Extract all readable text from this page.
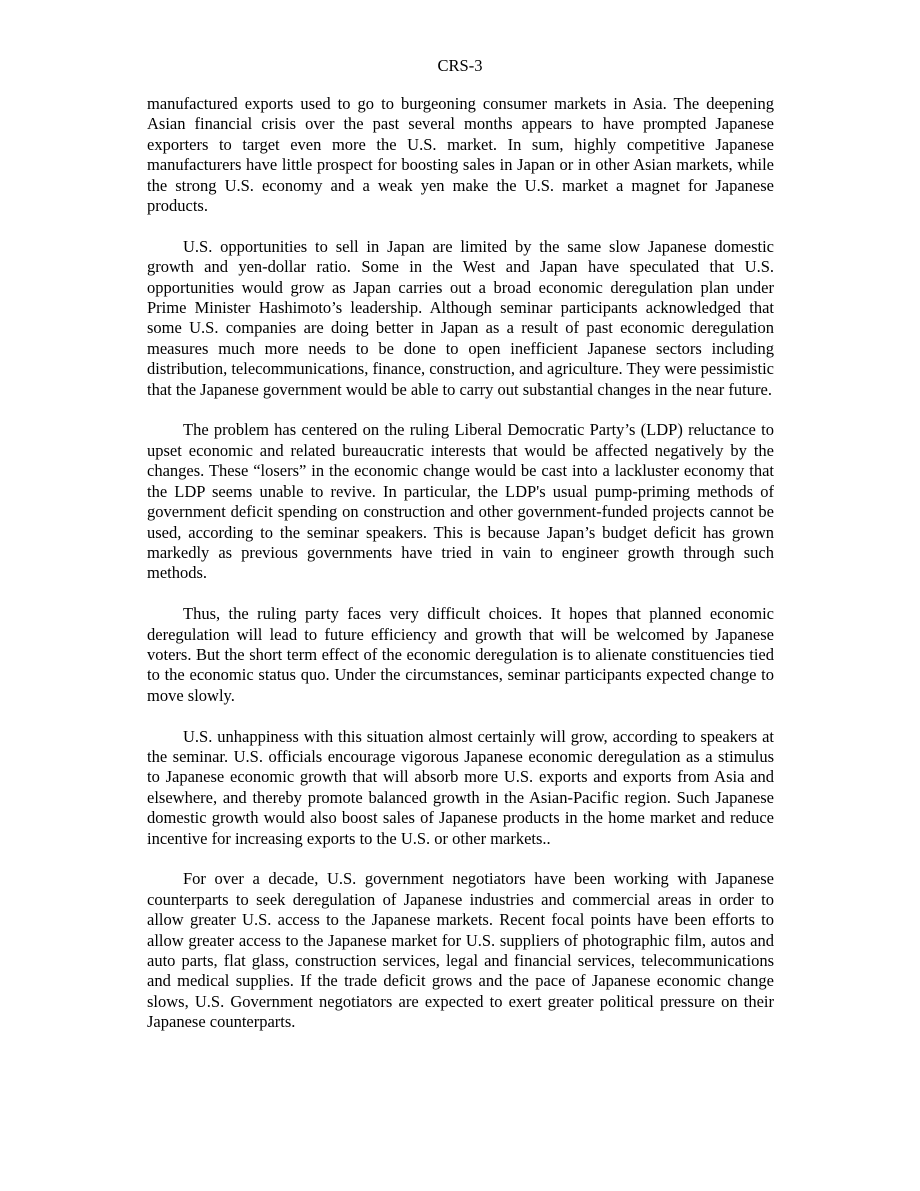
CRS-3

manufactured exports used to go to burgeoning consumer markets in Asia. The deepening Asian financial crisis over the past several months appears to have prompted Japanese exporters to target even more the U.S. market. In sum, highly competitive Japanese manufacturers have little prospect for boosting sales in Japan or in other Asian markets, while the strong U.S. economy and a weak yen make the U.S. market a magnet for Japanese products.

U.S. opportunities to sell in Japan are limited by the same slow Japanese domestic growth and yen-dollar ratio. Some in the West and Japan have speculated that U.S. opportunities would grow as Japan carries out a broad economic deregulation plan under Prime Minister Hashimoto’s leadership. Although seminar participants acknowledged that some U.S. companies are doing better in Japan as a result of past economic deregulation measures much more needs to be done to open inefficient Japanese sectors including distribution, telecommunications, finance, construction, and agriculture. They were pessimistic that the Japanese government would be able to carry out substantial changes in the near future.

The problem has centered on the ruling Liberal Democratic Party’s (LDP) reluctance to upset economic and related bureaucratic interests that would be affected negatively by the changes. These “losers” in the economic change would be cast into a lackluster economy that the LDP seems unable to revive. In particular, the LDP's usual pump-priming methods of government deficit spending on construction and other government-funded projects cannot be used, according to the seminar speakers. This is because Japan’s budget deficit has grown markedly as previous governments have tried in vain to engineer growth through such methods.

Thus, the ruling party faces very difficult choices. It hopes that planned economic deregulation will lead to future efficiency and growth that will be welcomed by Japanese voters. But the short term effect of the economic deregulation is to alienate constituencies tied to the economic status quo. Under the circumstances, seminar participants expected change to move slowly.

U.S. unhappiness with this situation almost certainly will grow, according to speakers at the seminar. U.S. officials encourage vigorous Japanese economic deregulation as a stimulus to Japanese economic growth that will absorb more U.S. exports and exports from Asia and elsewhere, and thereby promote balanced growth in the Asian-Pacific region. Such Japanese domestic growth would also boost sales of Japanese products in the home market and reduce incentive for increasing exports to the U.S. or other markets..

For over a decade, U.S. government negotiators have been working with Japanese counterparts to seek deregulation of Japanese industries and commercial areas in order to allow greater U.S. access to the Japanese markets. Recent focal points have been efforts to allow greater access to the Japanese market for U.S. suppliers of photographic film, autos and auto parts, flat glass, construction services, legal and financial services, telecommunications and medical supplies. If the trade deficit grows and the pace of Japanese economic change slows, U.S. Government negotiators are expected to exert greater political pressure on their Japanese counterparts.
